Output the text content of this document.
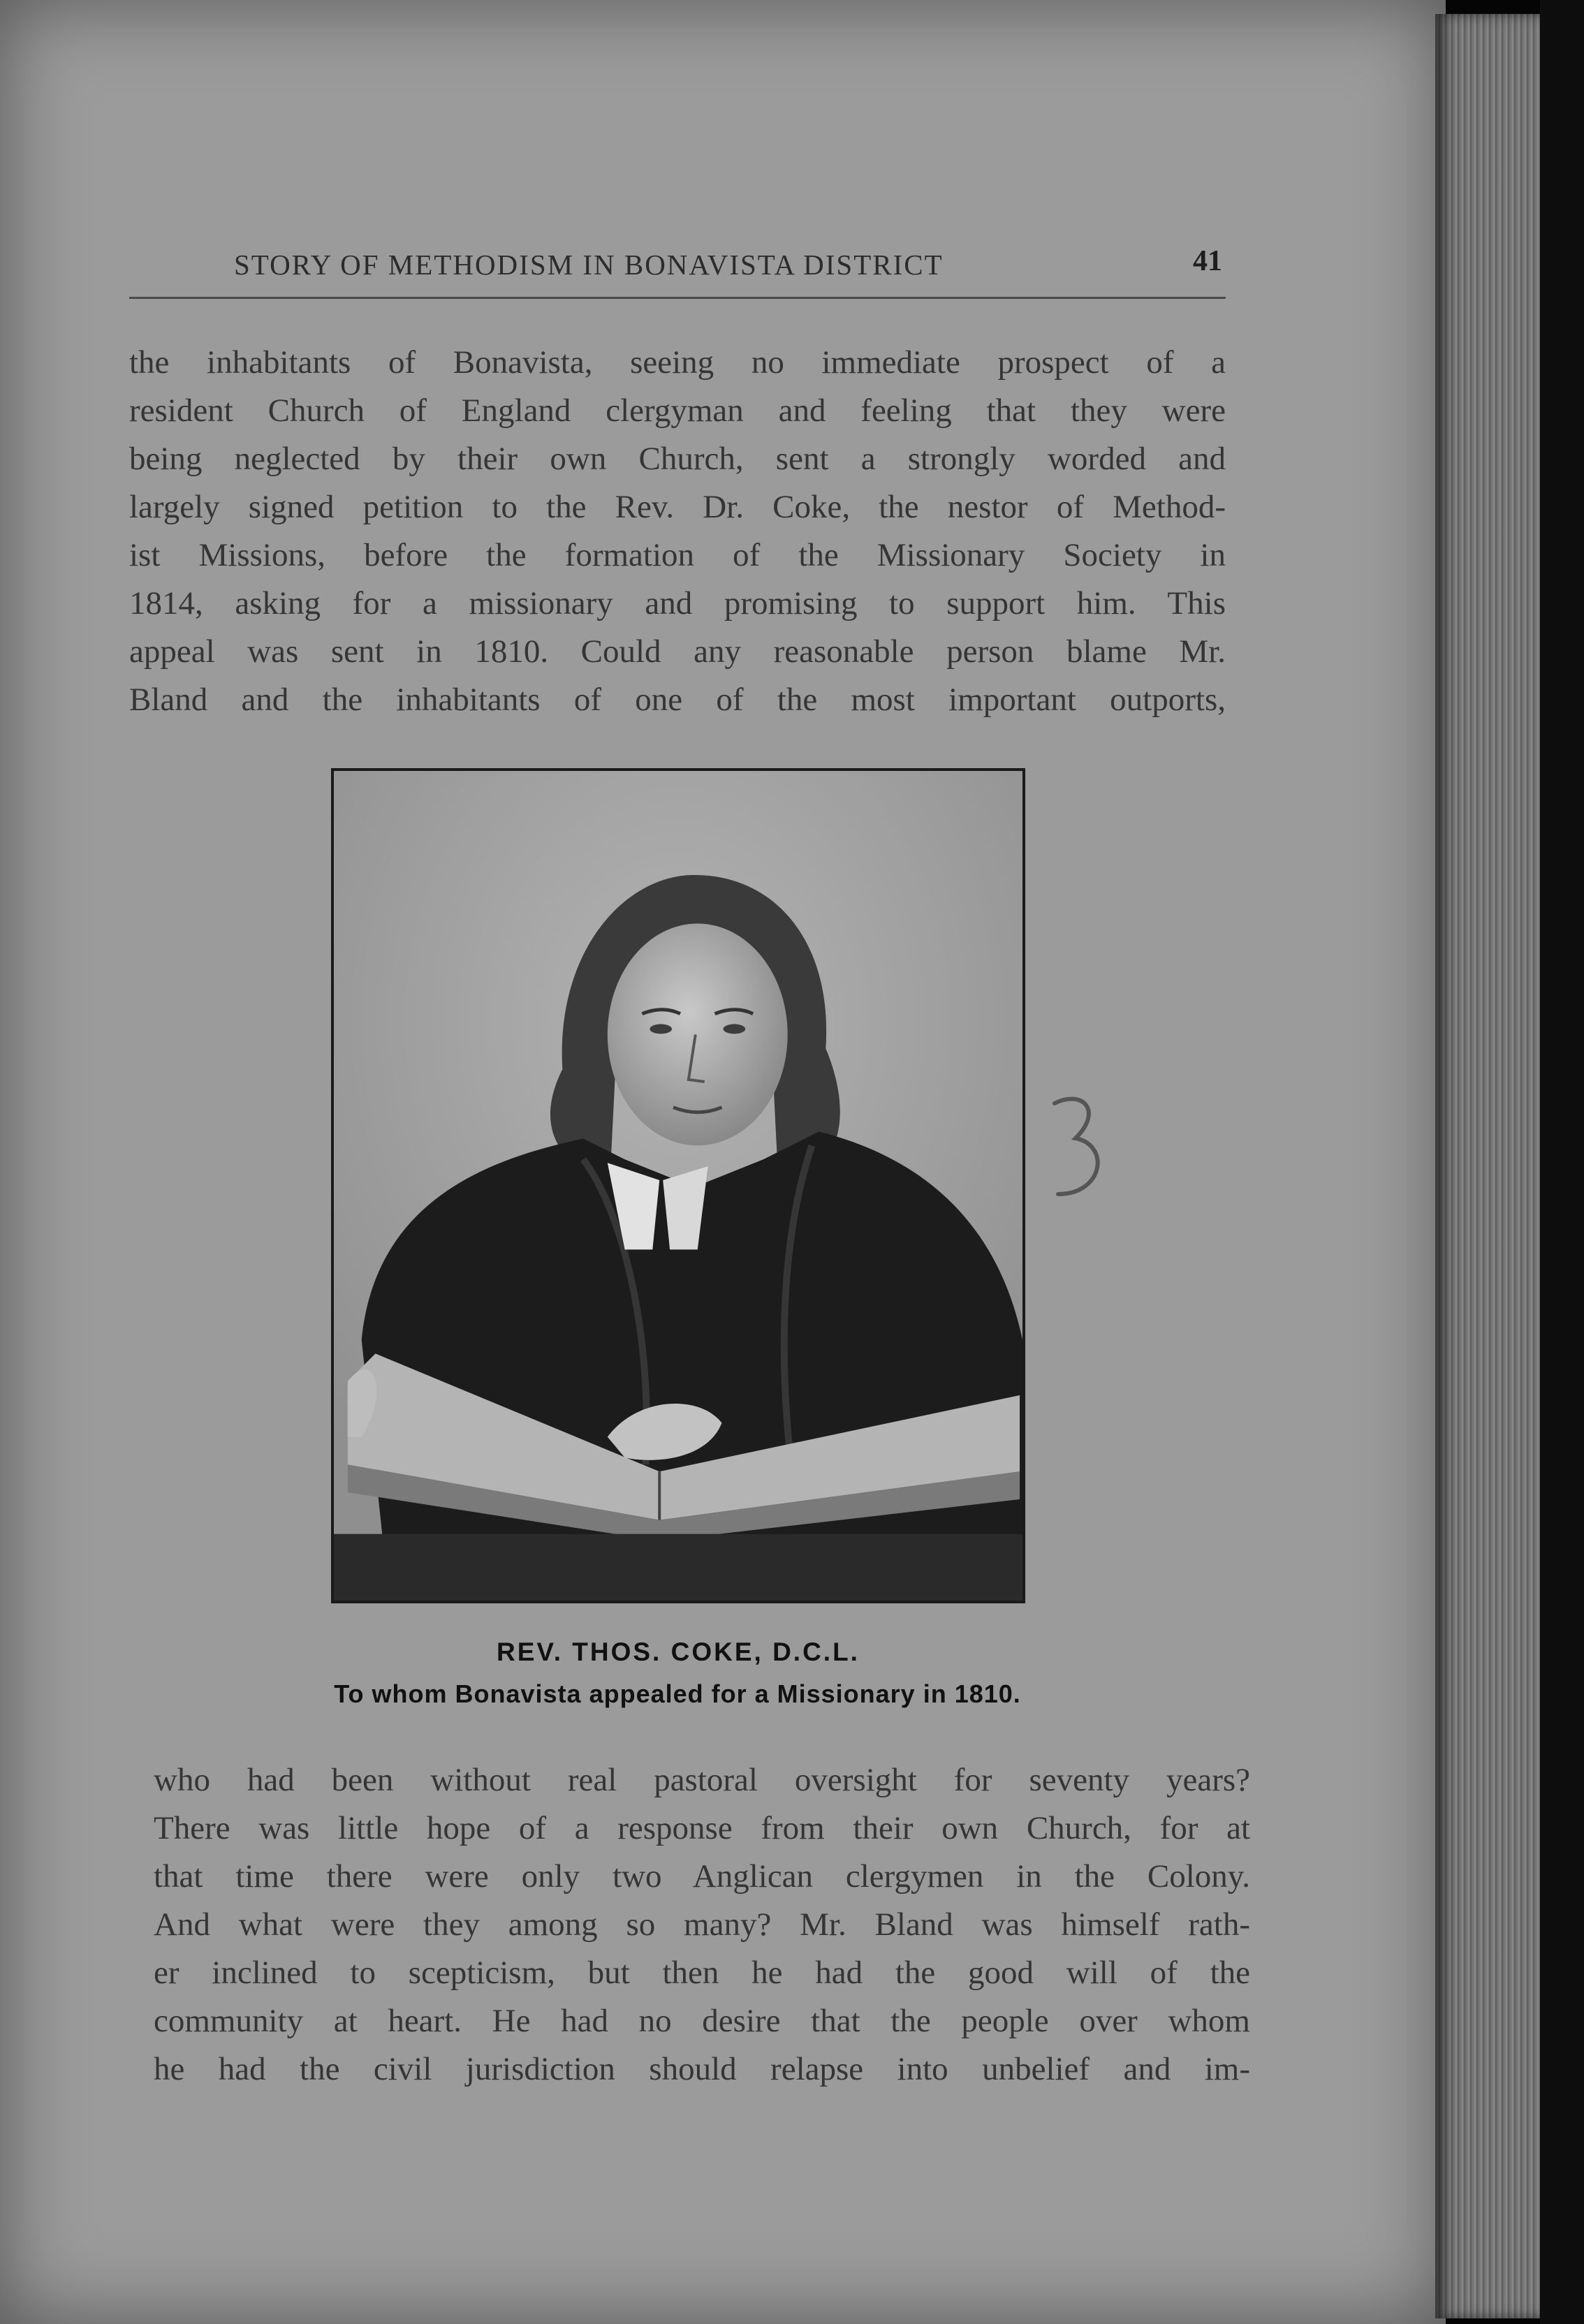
STORY OF METHODISM IN BONAVISTA DISTRICT	41
the inhabitants of Bonavista, seeing no immediate prospect of a
resident Church of England clergyman and feeling that they were
being neglected by their own Church, sent a strongly worded and
largely signed petition to the Rev. Dr. Coke, the nestor of Method-
ist Missions, before the formation of the Missionary Society in
1814, asking for a missionary and promising to support him. This
appeal was sent in 1810. Could any reasonable person blame Mr.
Bland and the inhabitants of one of the most important outports,
REV. THOS. COKE, D.C.L.
To whom Bonavista appealed for a Missionary in 1810.
who had been without real pastoral oversight for seventy years?
There was little hope of a response from their own Church, for at
that time there were only two Anglican clergymen in the Colony.
And what were they among so many? Mr. Bland was himself rath-
er inclined to scepticism, but then he had the good will of the
community at heart. He had no desire that the people over whom
he had the civil jurisdiction should relapse into unbelief and im-
